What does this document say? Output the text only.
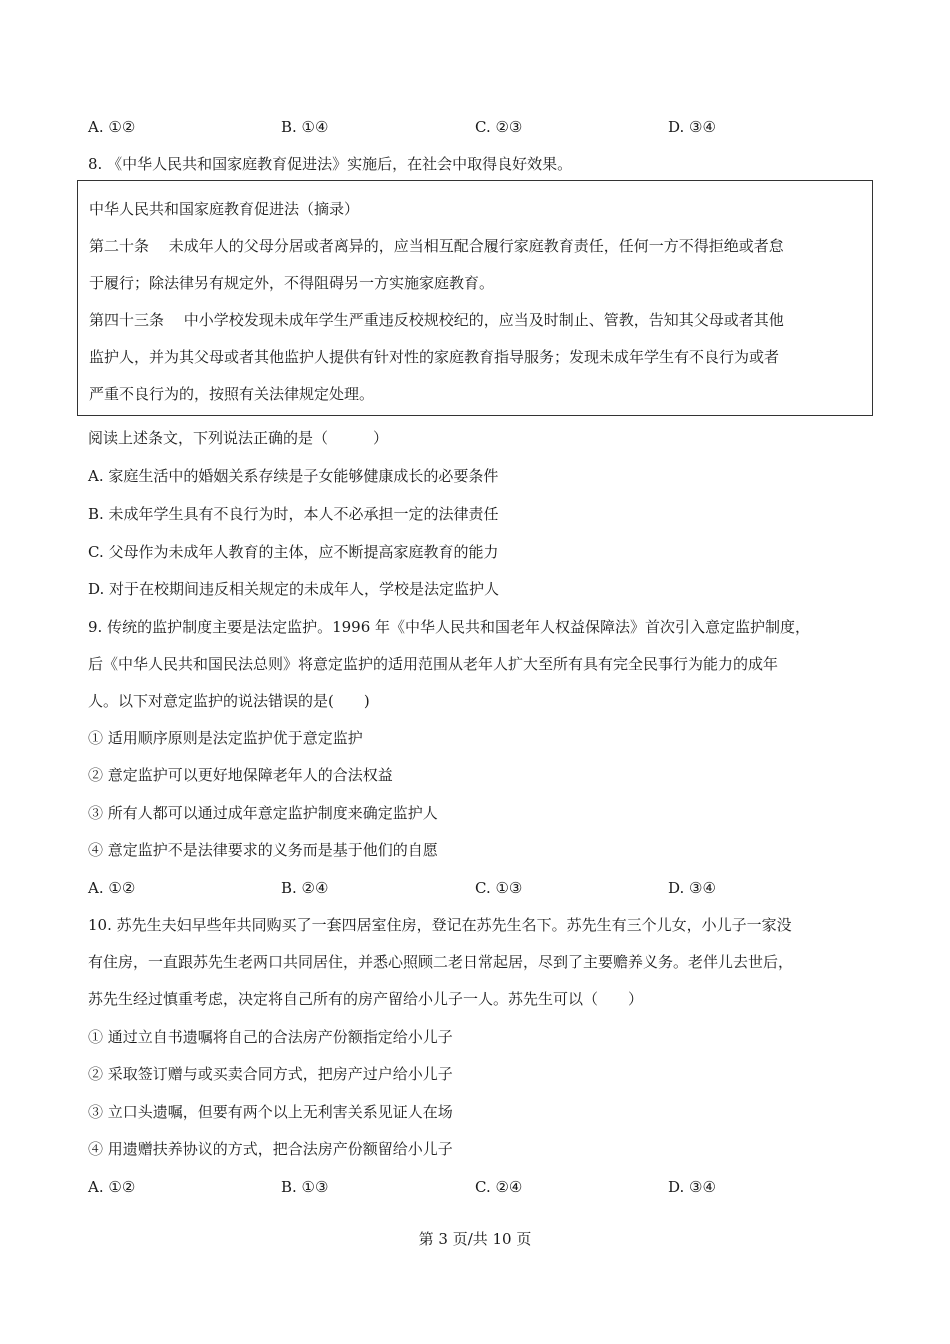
A. ①②	B. ①④	C. ②③	D. ③④
8. 《中华人民共和国家庭教育促进法》实施后，在社会中取得良好效果。
中华人民共和国家庭教育促进法（摘录）
第二十条　 未成年人的父母分居或者离异的，应当相互配合履行家庭教育责任，任何一方不得拒绝或者怠
于履行；除法律另有规定外，不得阻碍另一方实施家庭教育。
第四十三条　 中小学校发现未成年学生严重违反校规校纪的，应当及时制止、管教，告知其父母或者其他
监护人，并为其父母或者其他监护人提供有针对性的家庭教育指导服务；发现未成年学生有不良行为或者
严重不良行为的，按照有关法律规定处理。
阅读上述条文，下列说法正确的是（　　　）
A. 家庭生活中的婚姻关系存续是子女能够健康成长的必要条件
B. 未成年学生具有不良行为时，本人不必承担一定的法律责任
C. 父母作为未成年人教育的主体，应不断提高家庭教育的能力
D. 对于在校期间违反相关规定的未成年人，学校是法定监护人
9. 传统的监护制度主要是法定监护。1996 年《中华人民共和国老年人权益保障法》首次引入意定监护制度，
后《中华人民共和国民法总则》将意定监护的适用范围从老年人扩大至所有具有完全民事行为能力的成年
人。以下对意定监护的说法错误的是(　　)
① 适用顺序原则是法定监护优于意定监护
② 意定监护可以更好地保障老年人的合法权益
③ 所有人都可以通过成年意定监护制度来确定监护人
④ 意定监护不是法律要求的义务而是基于他们的自愿
A. ①②	B. ②④	C. ①③	D. ③④
10. 苏先生夫妇早些年共同购买了一套四居室住房，登记在苏先生名下。苏先生有三个儿女，小儿子一家没
有住房，一直跟苏先生老两口共同居住，并悉心照顾二老日常起居，尽到了主要赡养义务。老伴儿去世后，
苏先生经过慎重考虑，决定将自己所有的房产留给小儿子一人。苏先生可以（　　）
① 通过立自书遗嘱将自己的合法房产份额指定给小儿子
② 采取签订赠与或买卖合同方式，把房产过户给小儿子
③ 立口头遗嘱，但要有两个以上无利害关系见证人在场
④ 用遗赠扶养协议的方式，把合法房产份额留给小儿子
A. ①②	B. ①③	C. ②④	D. ③④
第 3 页/共 10 页
